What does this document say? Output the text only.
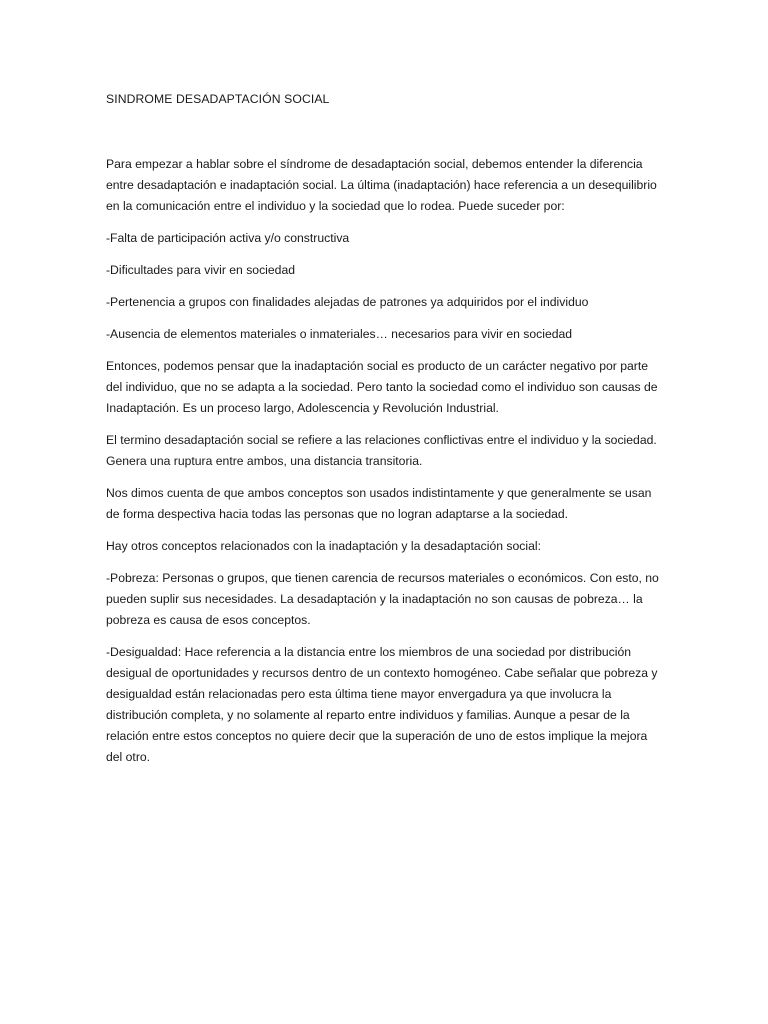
SINDROME DESADAPTACIÓN SOCIAL

Para empezar a hablar sobre el síndrome de desadaptación social, debemos entender la diferencia entre desadaptación e inadaptación social. La última (inadaptación) hace referencia a un desequilibrio en la comunicación entre el individuo y la sociedad que lo rodea. Puede suceder por:

-Falta de participación activa y/o constructiva

-Dificultades para vivir en sociedad

-Pertenencia a grupos con finalidades alejadas de patrones ya adquiridos por el individuo

-Ausencia de elementos materiales o inmateriales… necesarios para vivir en sociedad

Entonces, podemos pensar que la inadaptación social es producto de un carácter negativo por parte del individuo, que no se adapta a la sociedad. Pero tanto la sociedad como el individuo son causas de Inadaptación. Es un proceso largo, Adolescencia y Revolución Industrial.

El termino desadaptación social se refiere a las relaciones conflictivas entre el individuo y la sociedad. Genera una ruptura entre ambos, una distancia transitoria.

Nos dimos cuenta de que ambos conceptos son usados indistintamente y que generalmente se usan de forma despectiva hacia todas las personas que no logran adaptarse a la sociedad.

Hay otros conceptos relacionados con la inadaptación y la desadaptación social:

-Pobreza: Personas o grupos, que tienen carencia de recursos materiales o económicos. Con esto, no pueden suplir sus necesidades. La desadaptación y la inadaptación no son causas de pobreza… la pobreza es causa de esos conceptos.

-Desigualdad: Hace referencia a la distancia entre los miembros de una sociedad por distribución desigual de oportunidades y recursos dentro de un contexto homogéneo. Cabe señalar que pobreza y desigualdad están relacionadas pero esta última tiene mayor envergadura ya que involucra la distribución completa, y no solamente al reparto entre individuos y familias. Aunque a pesar de la relación entre estos conceptos no quiere decir que la superación de uno de estos implique la mejora del otro.
